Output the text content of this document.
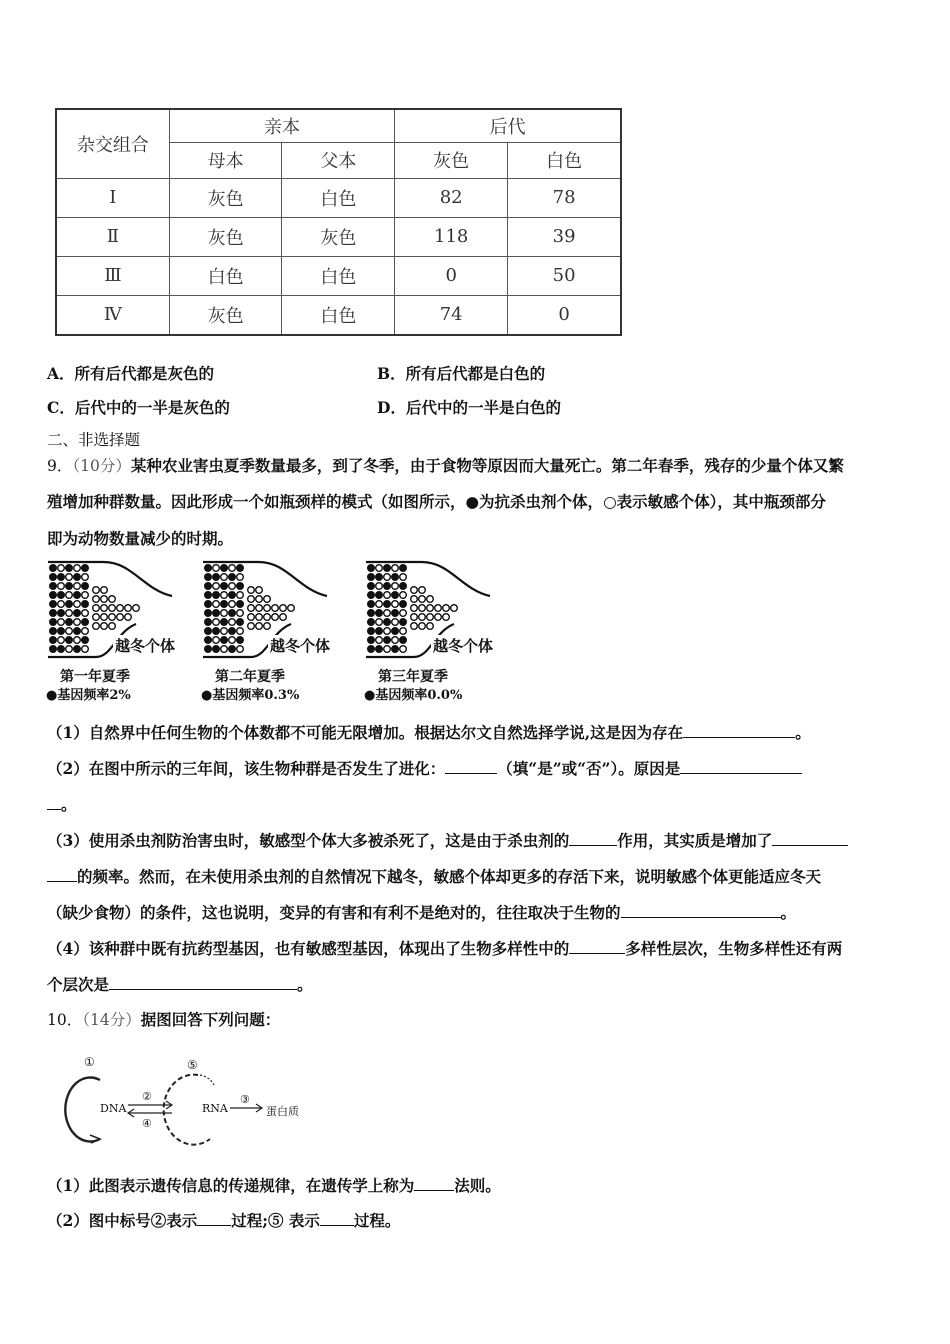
杂交组合	亲本		后代	
	母本	父本	灰色	白色
Ⅰ	灰色	白色	82	78
Ⅱ	灰色	灰色	118	39
Ⅲ	白色	白色	0	50
Ⅳ	灰色	白色	74	0
A．所有后代都是灰色的	B．所有后代都是白色的
C．后代中的一半是灰色的	D．后代中的一半是白色的
二、非选择题
9．（10分）某种农业害虫夏季数量最多，到了冬季，由于食物等原因而大量死亡。第二年春季，残存的少量个体又繁
殖增加种群数量。因此形成一个如瓶颈样的模式（如图所示，●为抗杀虫剂个体，○表示敏感个体），其中瓶颈部分
即为动物数量减少的时期。
越冬个体
第一年夏季
●基因频率2%
越冬个体
第二年夏季
●基因频率0.3%
越冬个体
第三年夏季
●基因频率0.0%
（1）自然界中任何生物的个体数都不可能无限增加。根据达尔文自然选择学说,这是因为存在	。
（2）在图中所示的三年间，该生物种群是否发生了进化：	（填“是”或“否”）。原因是
。
（3）使用杀虫剂防治害虫时，敏感型个体大多被杀死了，这是由于杀虫剂的	作用，其实质是增加了
的频率。然而，在未使用杀虫剂的自然情况下越冬，敏感个体却更多的存活下来，说明敏感个体更能适应冬天
（缺少食物）的条件，这也说明，变异的有害和有利不是绝对的，往往取决于生物的	。
（4）该种群中既有抗药型基因，也有敏感型基因，体现出了生物多样性中的	多样性层次，生物多样性还有两
个层次是	。
10．（14分）据图回答下列问题：
①
DNA
②
④
⑤
RNA
③
蛋白质
（1）此图表示遗传信息的传递规律，在遗传学上称为	法则。
（2）图中标号②表示 过程;⑤ 表示 过程。
